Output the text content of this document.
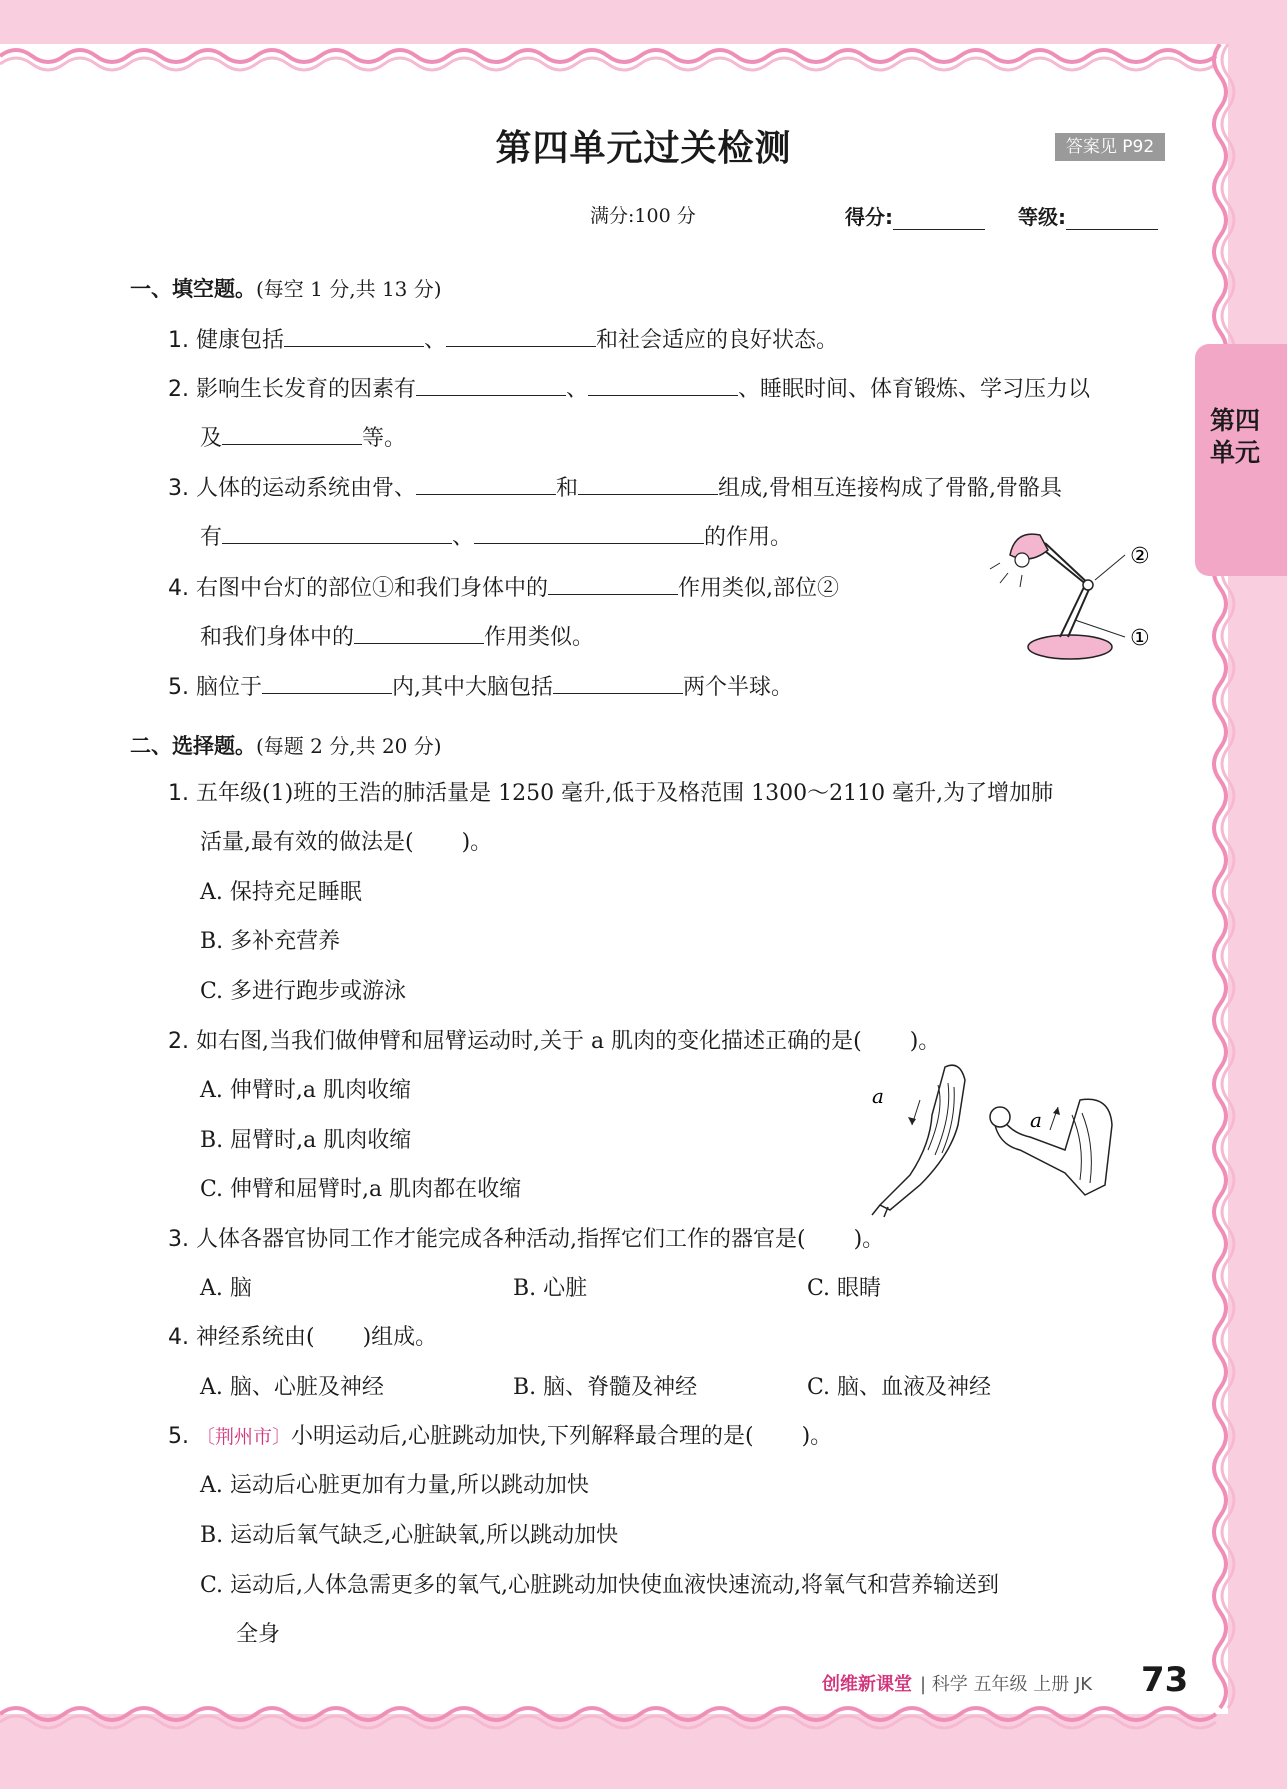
第四单元过关检测	答案见 P92
满分:100 分	得分:	等级:
第四
单元
一、填空题。(每空 1 分,共 13 分)
1. 健康包括	、	和社会适应的良好状态。
2. 影响生长发育的因素有	、	、睡眠时间、体育锻炼、学习压力以
及	等。
3. 人体的运动系统由骨、	和	组成,骨相互连接构成了骨骼,骨骼具
有	、	的作用。
4. 右图中台灯的部位①和我们身体中的	作用类似,部位②
和我们身体中的	作用类似。
②
①
5. 脑位于	内,其中大脑包括	两个半球。
二、选择题。(每题 2 分,共 20 分)
1. 五年级(1)班的王浩的肺活量是 1250 毫升,低于及格范围 1300～2110 毫升,为了增加肺
活量,最有效的做法是( )。
A. 保持充足睡眠
B. 多补充营养
C. 多进行跑步或游泳
2. 如右图,当我们做伸臂和屈臂运动时,关于 a 肌肉的变化描述正确的是( )。
A. 伸臂时,a 肌肉收缩
B. 屈臂时,a 肌肉收缩
C. 伸臂和屈臂时,a 肌肉都在收缩
a
a
3. 人体各器官协同工作才能完成各种活动,指挥它们工作的器官是( )。
A. 脑	B. 心脏	C. 眼睛
4. 神经系统由( )组成。
A. 脑、心脏及神经	B. 脑、脊髓及神经	C. 脑、血液及神经
5. 〔荆州市〕小明运动后,心脏跳动加快,下列解释最合理的是( )。
A. 运动后心脏更加有力量,所以跳动加快
B. 运动后氧气缺乏,心脏缺氧,所以跳动加快
C. 运动后,人体急需更多的氧气,心脏跳动加快使血液快速流动,将氧气和营养输送到
全身
创维新课堂 | 科学 五年级 上册 JK 73
